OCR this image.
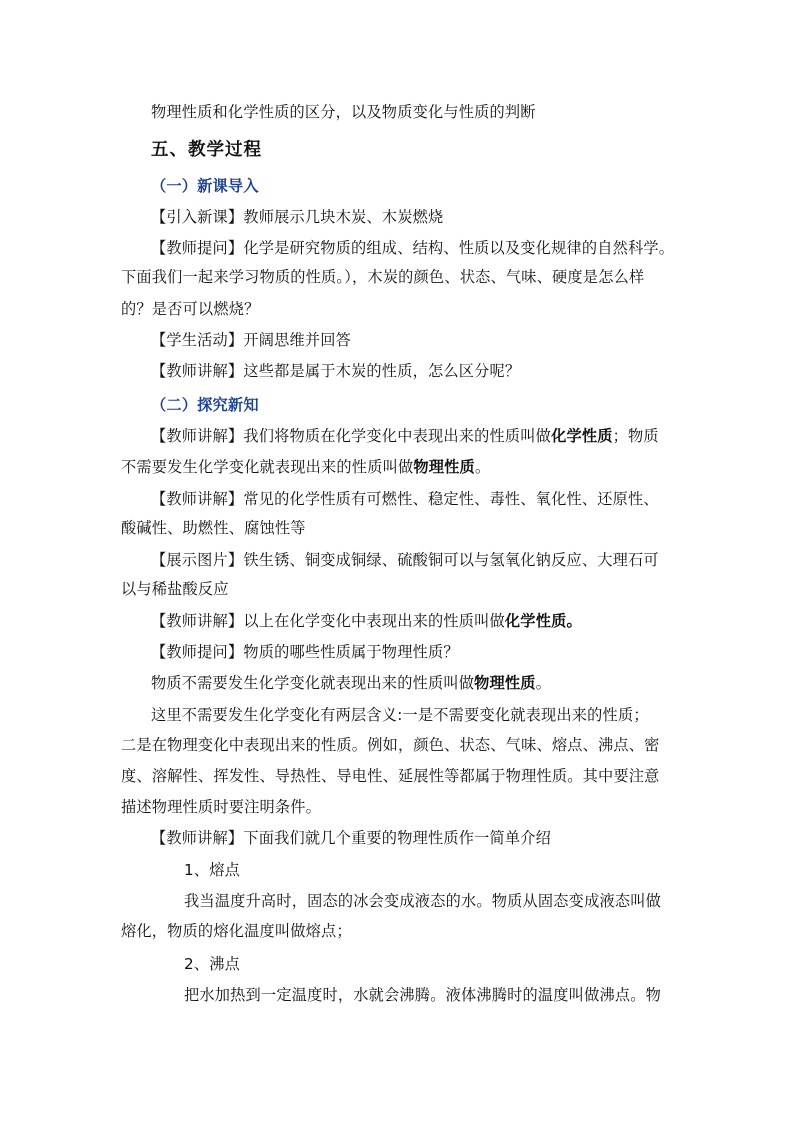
物理性质和化学性质的区分，以及物质变化与性质的判断
五、教学过程
（一）新课导入
【引入新课】教师展示几块木炭、木炭燃烧
【教师提问】化学是研究物质的组成、结构、性质以及变化规律的自然科学。
下面我们一起来学习物质的性质。），木炭的颜色、状态、气味、硬度是怎么样
的？是否可以燃烧？
【学生活动】开阔思维并回答
【教师讲解】这些都是属于木炭的性质，怎么区分呢？
（二）探究新知
【教师讲解】我们将物质在化学变化中表现出来的性质叫做化学性质；物质
不需要发生化学变化就表现出来的性质叫做物理性质。
【教师讲解】常见的化学性质有可燃性、稳定性、毒性、氧化性、还原性、
酸碱性、助燃性、腐蚀性等
【展示图片】铁生锈、铜变成铜绿、硫酸铜可以与氢氧化钠反应、大理石可
以与稀盐酸反应
【教师讲解】以上在化学变化中表现出来的性质叫做化学性质。
【教师提问】物质的哪些性质属于物理性质？
物质不需要发生化学变化就表现出来的性质叫做物理性质。
这里不需要发生化学变化有两层含义:一是不需要变化就表现出来的性质；
二是在物理变化中表现出来的性质。例如，颜色、状态、气味、熔点、沸点、密
度、溶解性、挥发性、导热性、导电性、延展性等都属于物理性质。其中要注意
描述物理性质时要注明条件。
【教师讲解】下面我们就几个重要的物理性质作一简单介绍
1、熔点
我当温度升高时，固态的冰会变成液态的水。物质从固态变成液态叫做
熔化，物质的熔化温度叫做熔点；
2、沸点
把水加热到一定温度时，水就会沸腾。液体沸腾时的温度叫做沸点。物
